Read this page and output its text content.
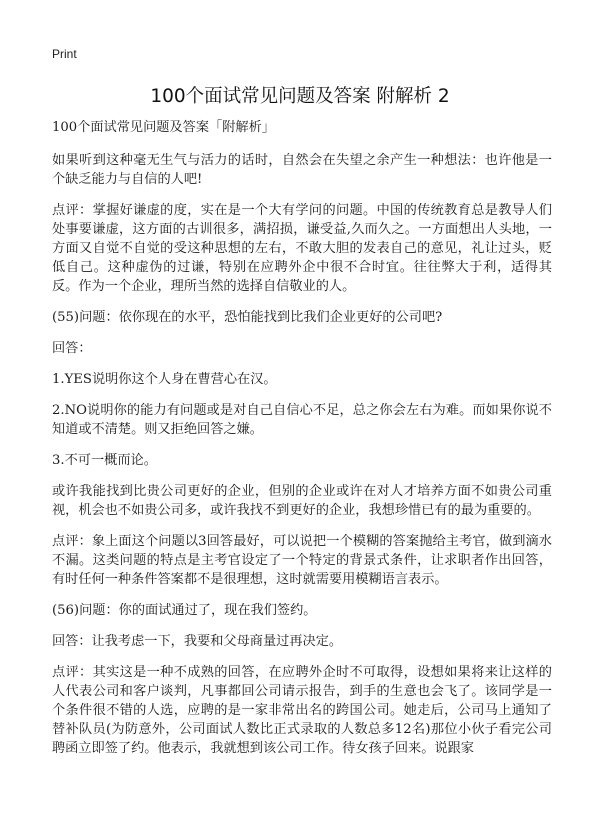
Print
100个面试常见问题及答案 附解析 2

100个面试常见问题及答案「附解析」

如果听到这种毫无生气与活力的话时，自然会在失望之余产生一种想法：也许他是一个缺乏能力与自信的人吧!

点评：掌握好谦虚的度，实在是一个大有学问的问题。中国的传统教育总是教导人们处事要谦虚，这方面的古训很多，满招损，谦受益,久而久之。一方面想出人头地，一方面又自觉不自觉的受这种思想的左右，不敢大胆的发表自己的意见，礼让过头，贬低自己。这种虚伪的过谦，特别在应聘外企中很不合时宜。往往弊大于利，适得其反。作为一个企业，理所当然的选择自信敬业的人。

(55)问题：依你现在的水平，恐怕能找到比我们企业更好的公司吧?

回答：

1.YES说明你这个人身在曹营心在汉。

2.NO说明你的能力有问题或是对自己自信心不足，总之你会左右为难。而如果你说不知道或不清楚。则又拒绝回答之嫌。

3.不可一概而论。

或许我能找到比贵公司更好的企业，但别的企业或许在对人才培养方面不如贵公司重视，机会也不如贵公司多，或许我找不到更好的企业，我想珍惜已有的最为重要的。

点评：象上面这个问题以3回答最好，可以说把一个模糊的答案抛给主考官，做到滴水不漏。这类问题的特点是主考官设定了一个特定的背景式条件，让求职者作出回答，有时任何一种条件答案都不是很理想，这时就需要用模糊语言表示。

(56)问题：你的面试通过了，现在我们签约。

回答：让我考虑一下，我要和父母商量过再决定。

点评：其实这是一种不成熟的回答，在应聘外企时不可取得，设想如果将来让这样的人代表公司和客户谈判，凡事都回公司请示报告，到手的生意也会飞了。该同学是一个条件很不错的人选，应聘的是一家非常出名的跨国公司。她走后，公司马上通知了替补队员(为防意外，公司面试人数比正式录取的人数总多12名)那位小伙子看完公司聘函立即签了约。他表示，我就想到该公司工作。待女孩子回来。说跟家
